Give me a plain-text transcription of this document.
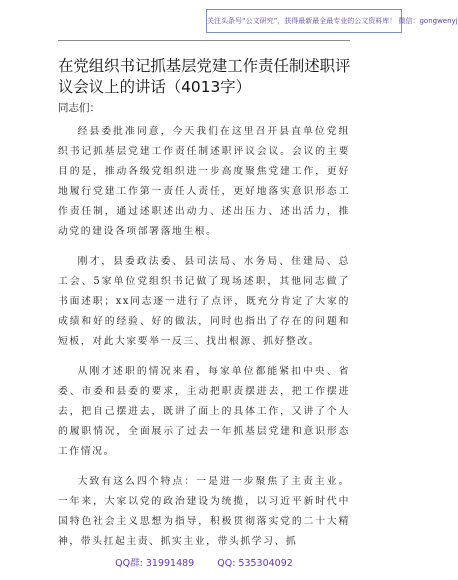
关注头条号“公文研究”，获得最新最全最专业的公文资料库！ 微信：gongwenyj
在党组织书记抓基层党建工作责任制述职评议会议上的讲话（4013字）
同志们：

经县委批准同意，今天我们在这里召开县直单位党组织书记抓基层党建工作责任制述职评议会议。会议的主要目的是，推动各级党组织进一步高度聚焦党建工作，更好地履行党建工作第一责任人责任，更好地落实意识形态工作责任制，通过述职述出动力、述出压力、述出活力，推动党的建设各项部署落地生根。

刚才，县委政法委、县司法局、水务局、住建局、总工会、5家单位党组织书记做了现场述职，其他同志做了书面述职；xx同志逐一进行了点评，既充分肯定了大家的成绩和好的经验、好的做法，同时也指出了存在的问题和短板，对此大家要举一反三、找出根源、抓好整改。

从刚才述职的情况来看，每家单位都能紧扣中央、省委、市委和县委的要求，主动把职责摆进去，把工作摆进去，把自己摆进去，既讲了面上的具体工作，又讲了个人的履职情况，全面展示了过去一年抓基层党建和意识形态工作情况。

大致有这么四个特点：一是进一步聚焦了主责主业。一年来，大家以党的政治建设为统揽，以习近平新时代中国特色社会主义思想为指导，积极贯彻落实党的二十大精神，带头扛起主责、抓实主业，带头抓学习、抓

QQ群: 31991489 QQ: 535304092
